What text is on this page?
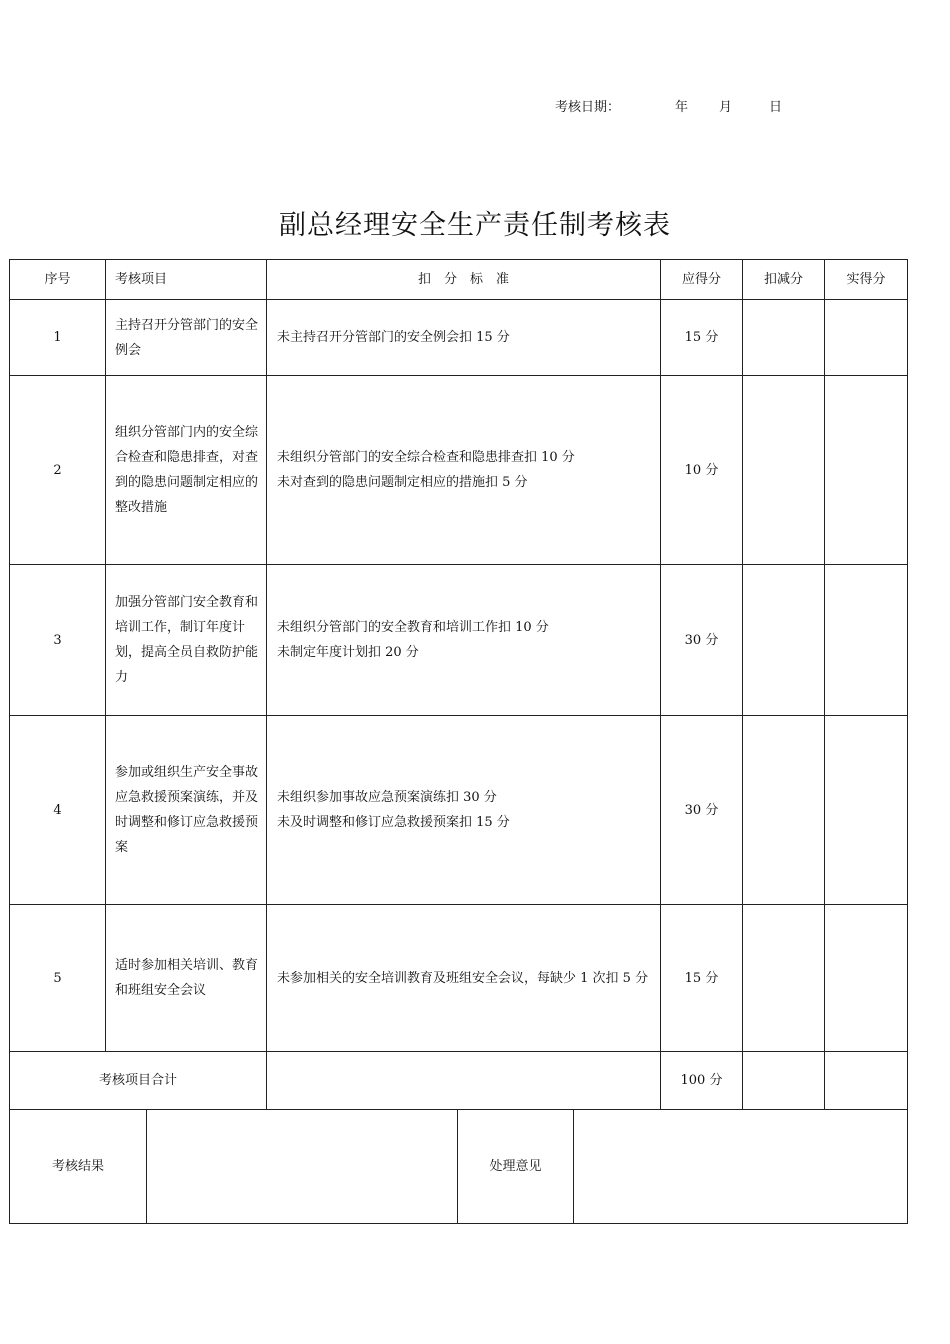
考核日期：	年 月	日
副总经理安全生产责任制考核表
序号	考核项目	扣　分　标　准	应得分	扣减分	实得分
1	主持召开分管部门的安全例会	未主持召开分管部门的安全例会扣 15 分	15 分		
2	组织分管部门内的安全综合检查和隐患排查，对查到的隐患问题制定相应的整改措施	未组织分管部门的安全综合检查和隐患排查扣 10 分
未对查到的隐患问题制定相应的措施扣 5 分	10 分		
3	加强分管部门安全教育和培训工作，制订年度计划，提高全员自救防护能力	未组织分管部门的安全教育和培训工作扣 10 分
未制定年度计划扣 20 分	30 分		
4	参加或组织生产安全事故应急救援预案演练，并及时调整和修订应急救援预案	未组织参加事故应急预案演练扣 30 分
未及时调整和修订应急救援预案扣 15 分	30 分		
5	适时参加相关培训、教育和班组安全会议	未参加相关的安全培训教育及班组安全会议，每缺少 1 次扣 5 分	15 分		
考核项目合计			100 分		
考核结果		处理意见	
